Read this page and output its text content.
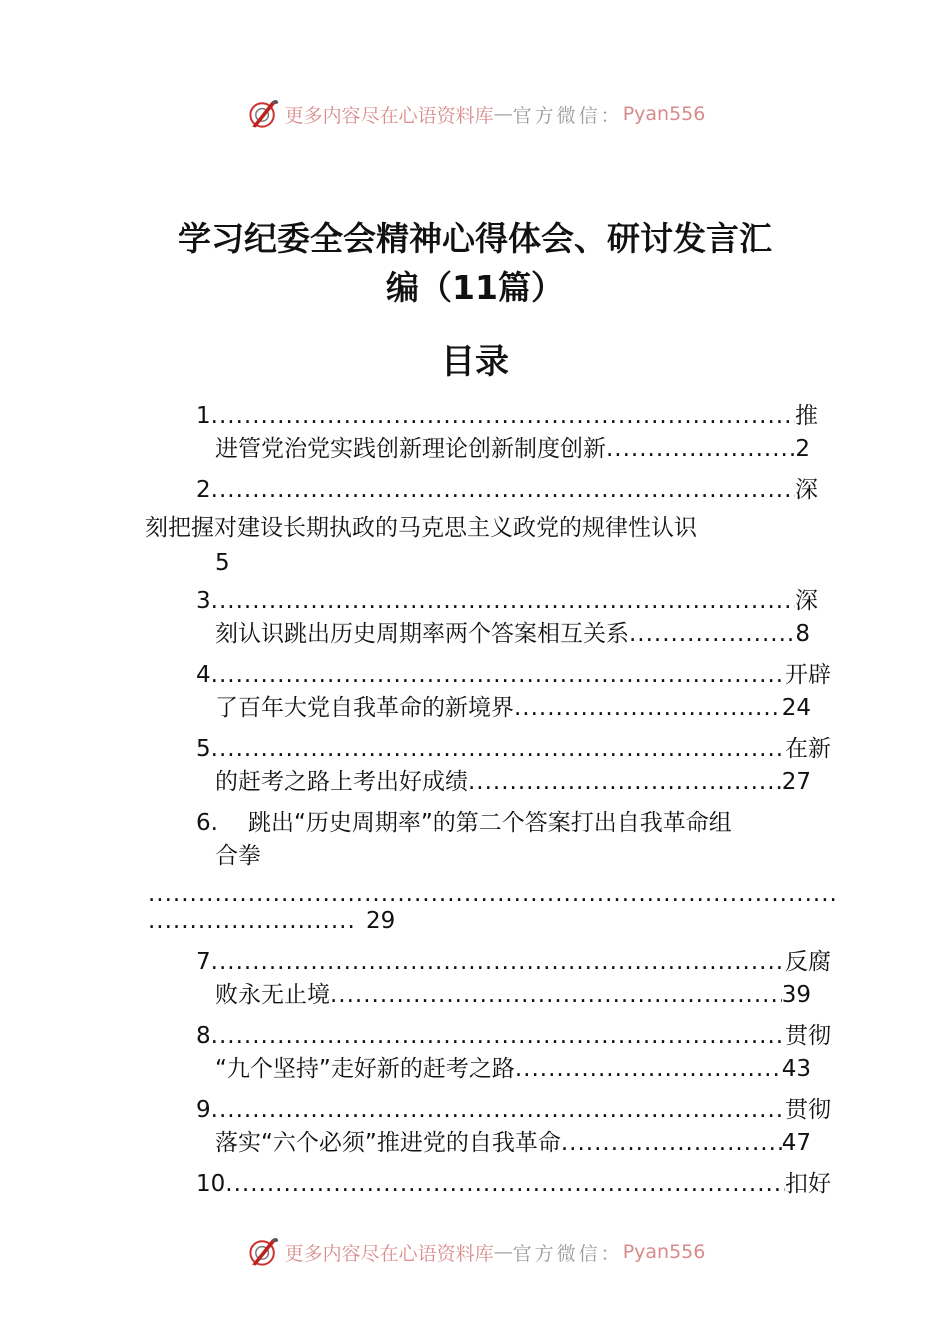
更多内容尽在心语资料库 — 官方微信： Pyan556
学习纪委全会精神心得体会、研讨发言汇
编（11篇）
目录
1 .....	推
进管党治党实践创新理论创新制度创新 .....	2
2 .....	深
刻把握对建设长期执政的马克思主义政党的规律性认识
5
3 .....	深
刻认识跳出历史周期率两个答案相互关系 .....	8
4 .....	开辟
了百年大党自我革命的新境界 .....	24
5 .....	在新
的赶考之路上考出好成绩 .....	27
6. 跳出“历史周期率”的第二个答案打出自我革命组
合拳
.....
.....
29
7 .....	反腐
败永无止境 .....	39
8 .....	贯彻
“九个坚持”走好新的赶考之路 .....	43
9 .....	贯彻
落实“六个必须”推进党的自我革命 .....	47
10 .....	扣好
更多内容尽在心语资料库 — 官方微信： Pyan556
